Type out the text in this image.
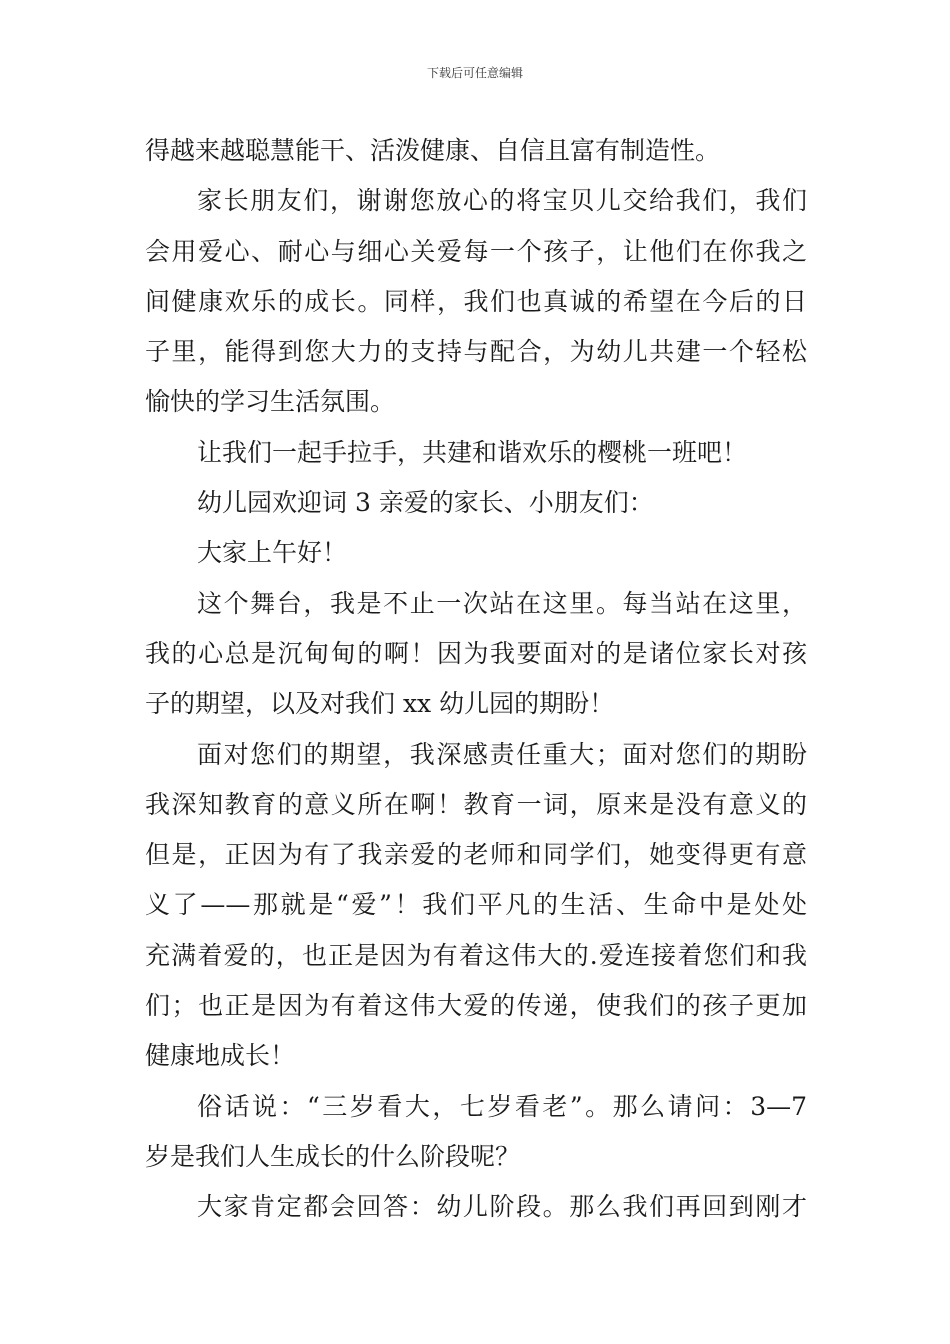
下载后可任意编辑
得越来越聪慧能干、活泼健康、自信且富有制造性。
家长朋友们，谢谢您放心的将宝贝儿交给我们，我们
会用爱心、耐心与细心关爱每一个孩子，让他们在你我之
间健康欢乐的成长。同样，我们也真诚的希望在今后的日
子里，能得到您大力的支持与配合，为幼儿共建一个轻松
愉快的学习生活氛围。
让我们一起手拉手，共建和谐欢乐的樱桃一班吧！
幼儿园欢迎词 3 亲爱的家长、小朋友们：
大家上午好！
这个舞台，我是不止一次站在这里。每当站在这里，
我的心总是沉甸甸的啊！因为我要面对的是诸位家长对孩
子的期望，以及对我们 xx 幼儿园的期盼！
面对您们的期望，我深感责任重大；面对您们的期盼
我深知教育的意义所在啊！教育一词，原来是没有意义的
但是，正因为有了我亲爱的老师和同学们，她变得更有意
义了——那就是“爱”！我们平凡的生活、生命中是处处
充满着爱的，也正是因为有着这伟大的.爱连接着您们和我
们；也正是因为有着这伟大爱的传递，使我们的孩子更加
健康地成长！
俗话说：“三岁看大，七岁看老”。那么请问：3—7
岁是我们人生成长的什么阶段呢？
大家肯定都会回答：幼儿阶段。那么我们再回到刚才
